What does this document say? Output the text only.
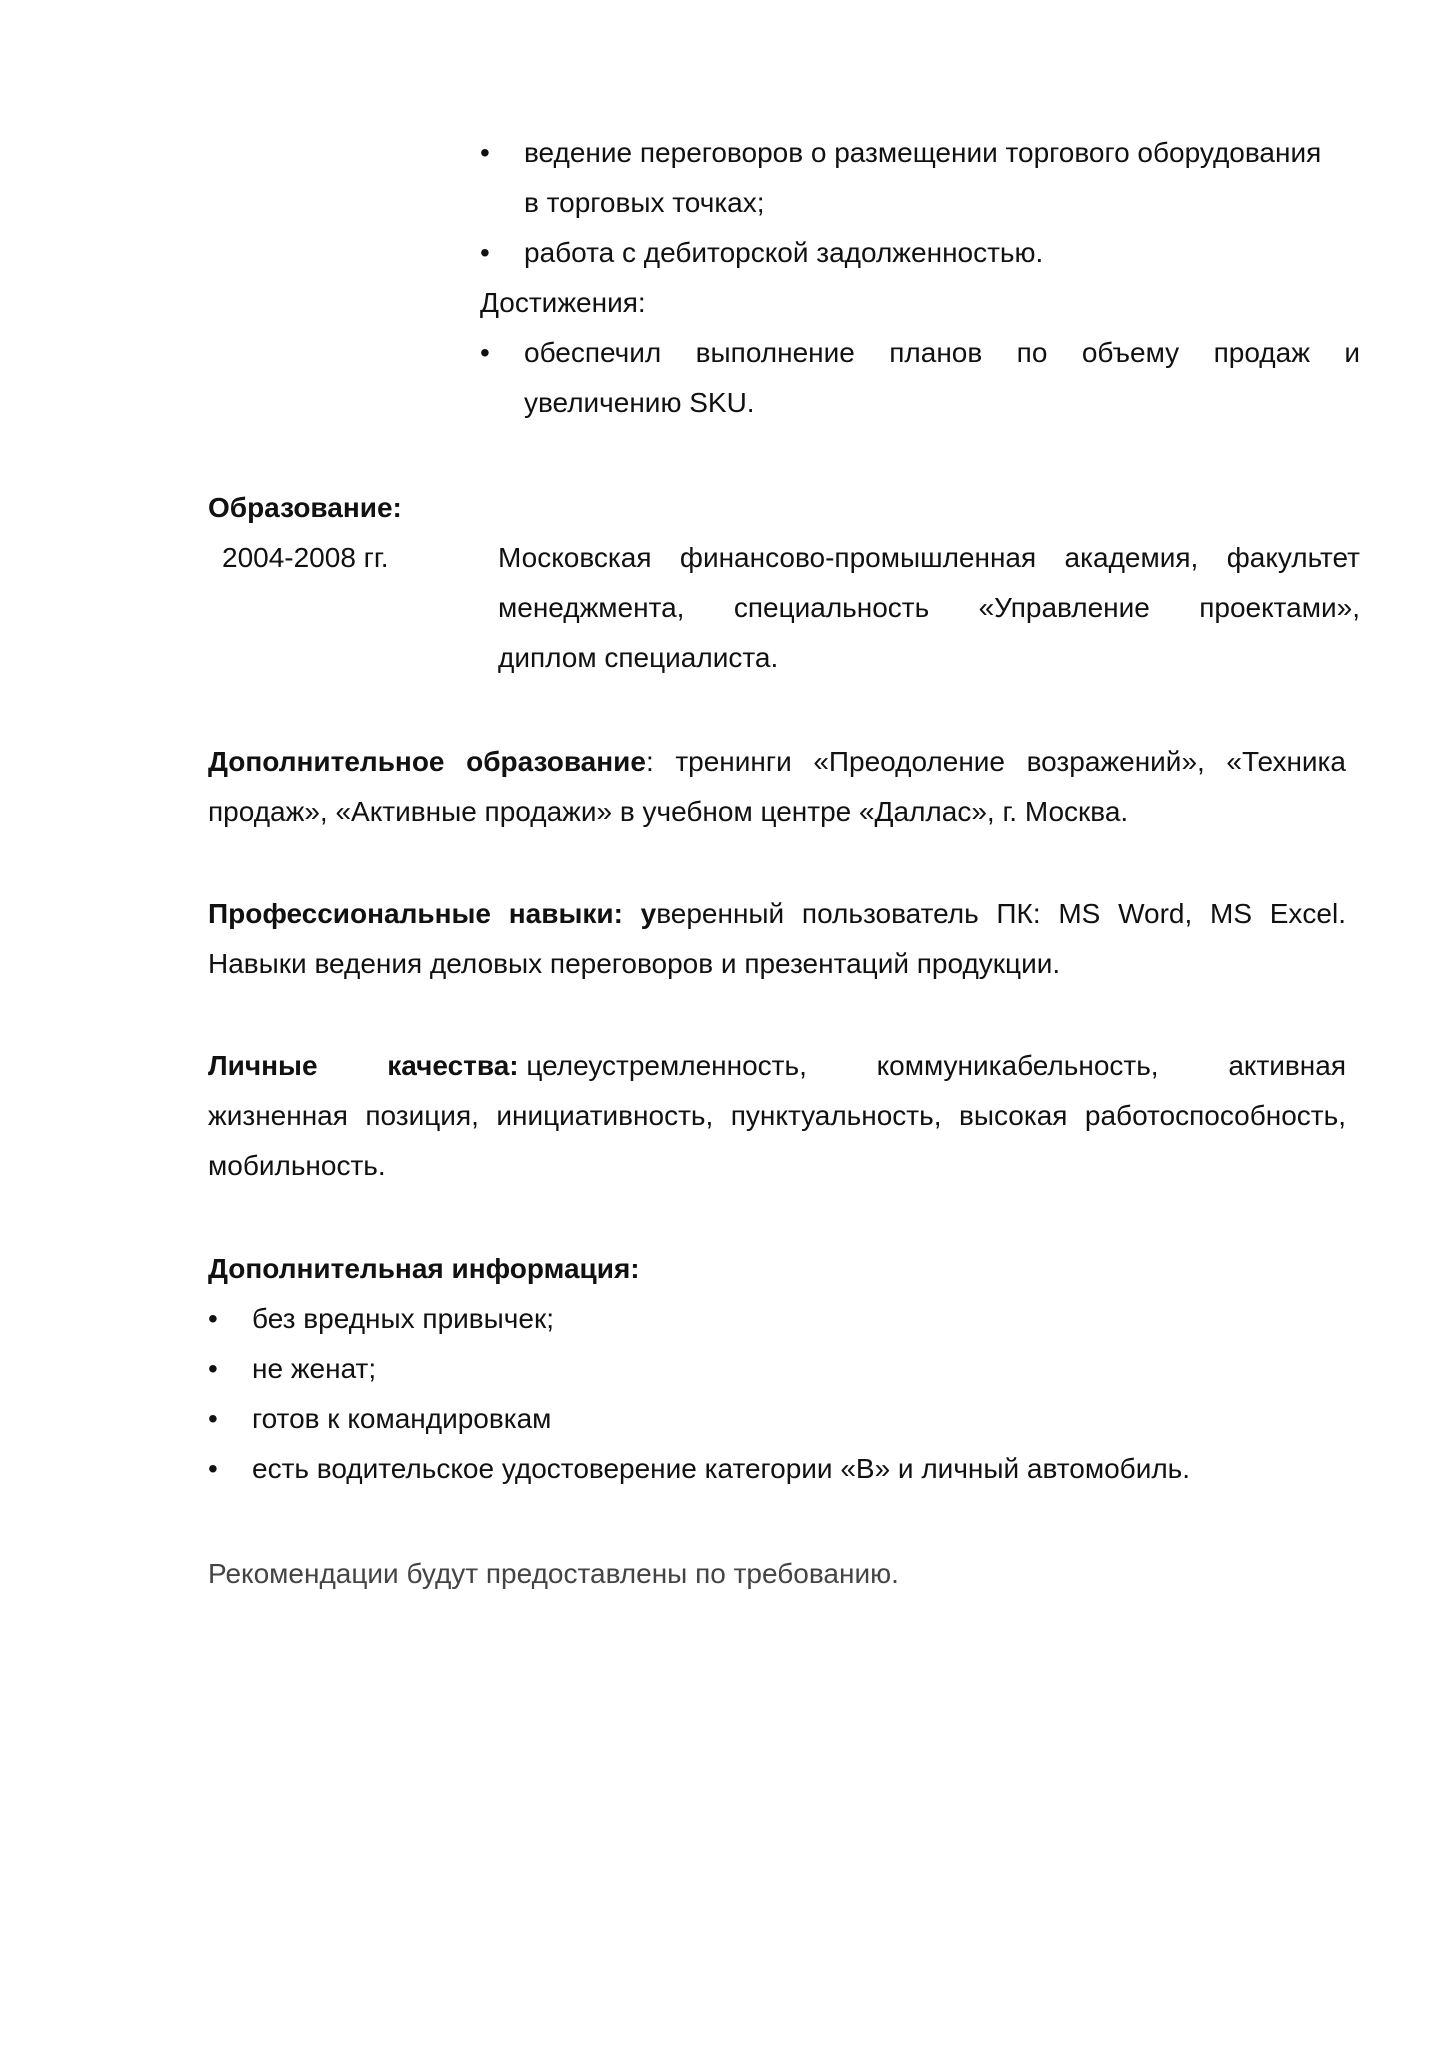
•	ведение переговоров о размещении торгового оборудования
в торговых точках;
•	работа с дебиторской задолженностью.
Достижения:
•	обеспечил выполнение планов по объему продаж и
увеличению SKU.
Образование:
2004-2008 гг.	Московская финансово-промышленная академия, факультет
менеджмента, специальность «Управление проектами»,
диплом специалиста.
Дополнительное образование: тренинги «Преодоление возражений», «Техника
продаж», «Активные продажи» в учебном центре «Даллас», г. Москва.
Профессиональные навыки: уверенный пользователь ПК: MS Word, MS Excel.
Навыки ведения деловых переговоров и презентаций продукции.
Личные качества: целеустремленность, коммуникабельность, активная
жизненная позиция, инициативность, пунктуальность, высокая работоспособность,
мобильность.
Дополнительная информация:
•	без вредных привычек;
•	не женат;
•	готов к командировкам
•	есть водительское удостоверение категории «В» и личный автомобиль.
Рекомендации будут предоставлены по требованию.
